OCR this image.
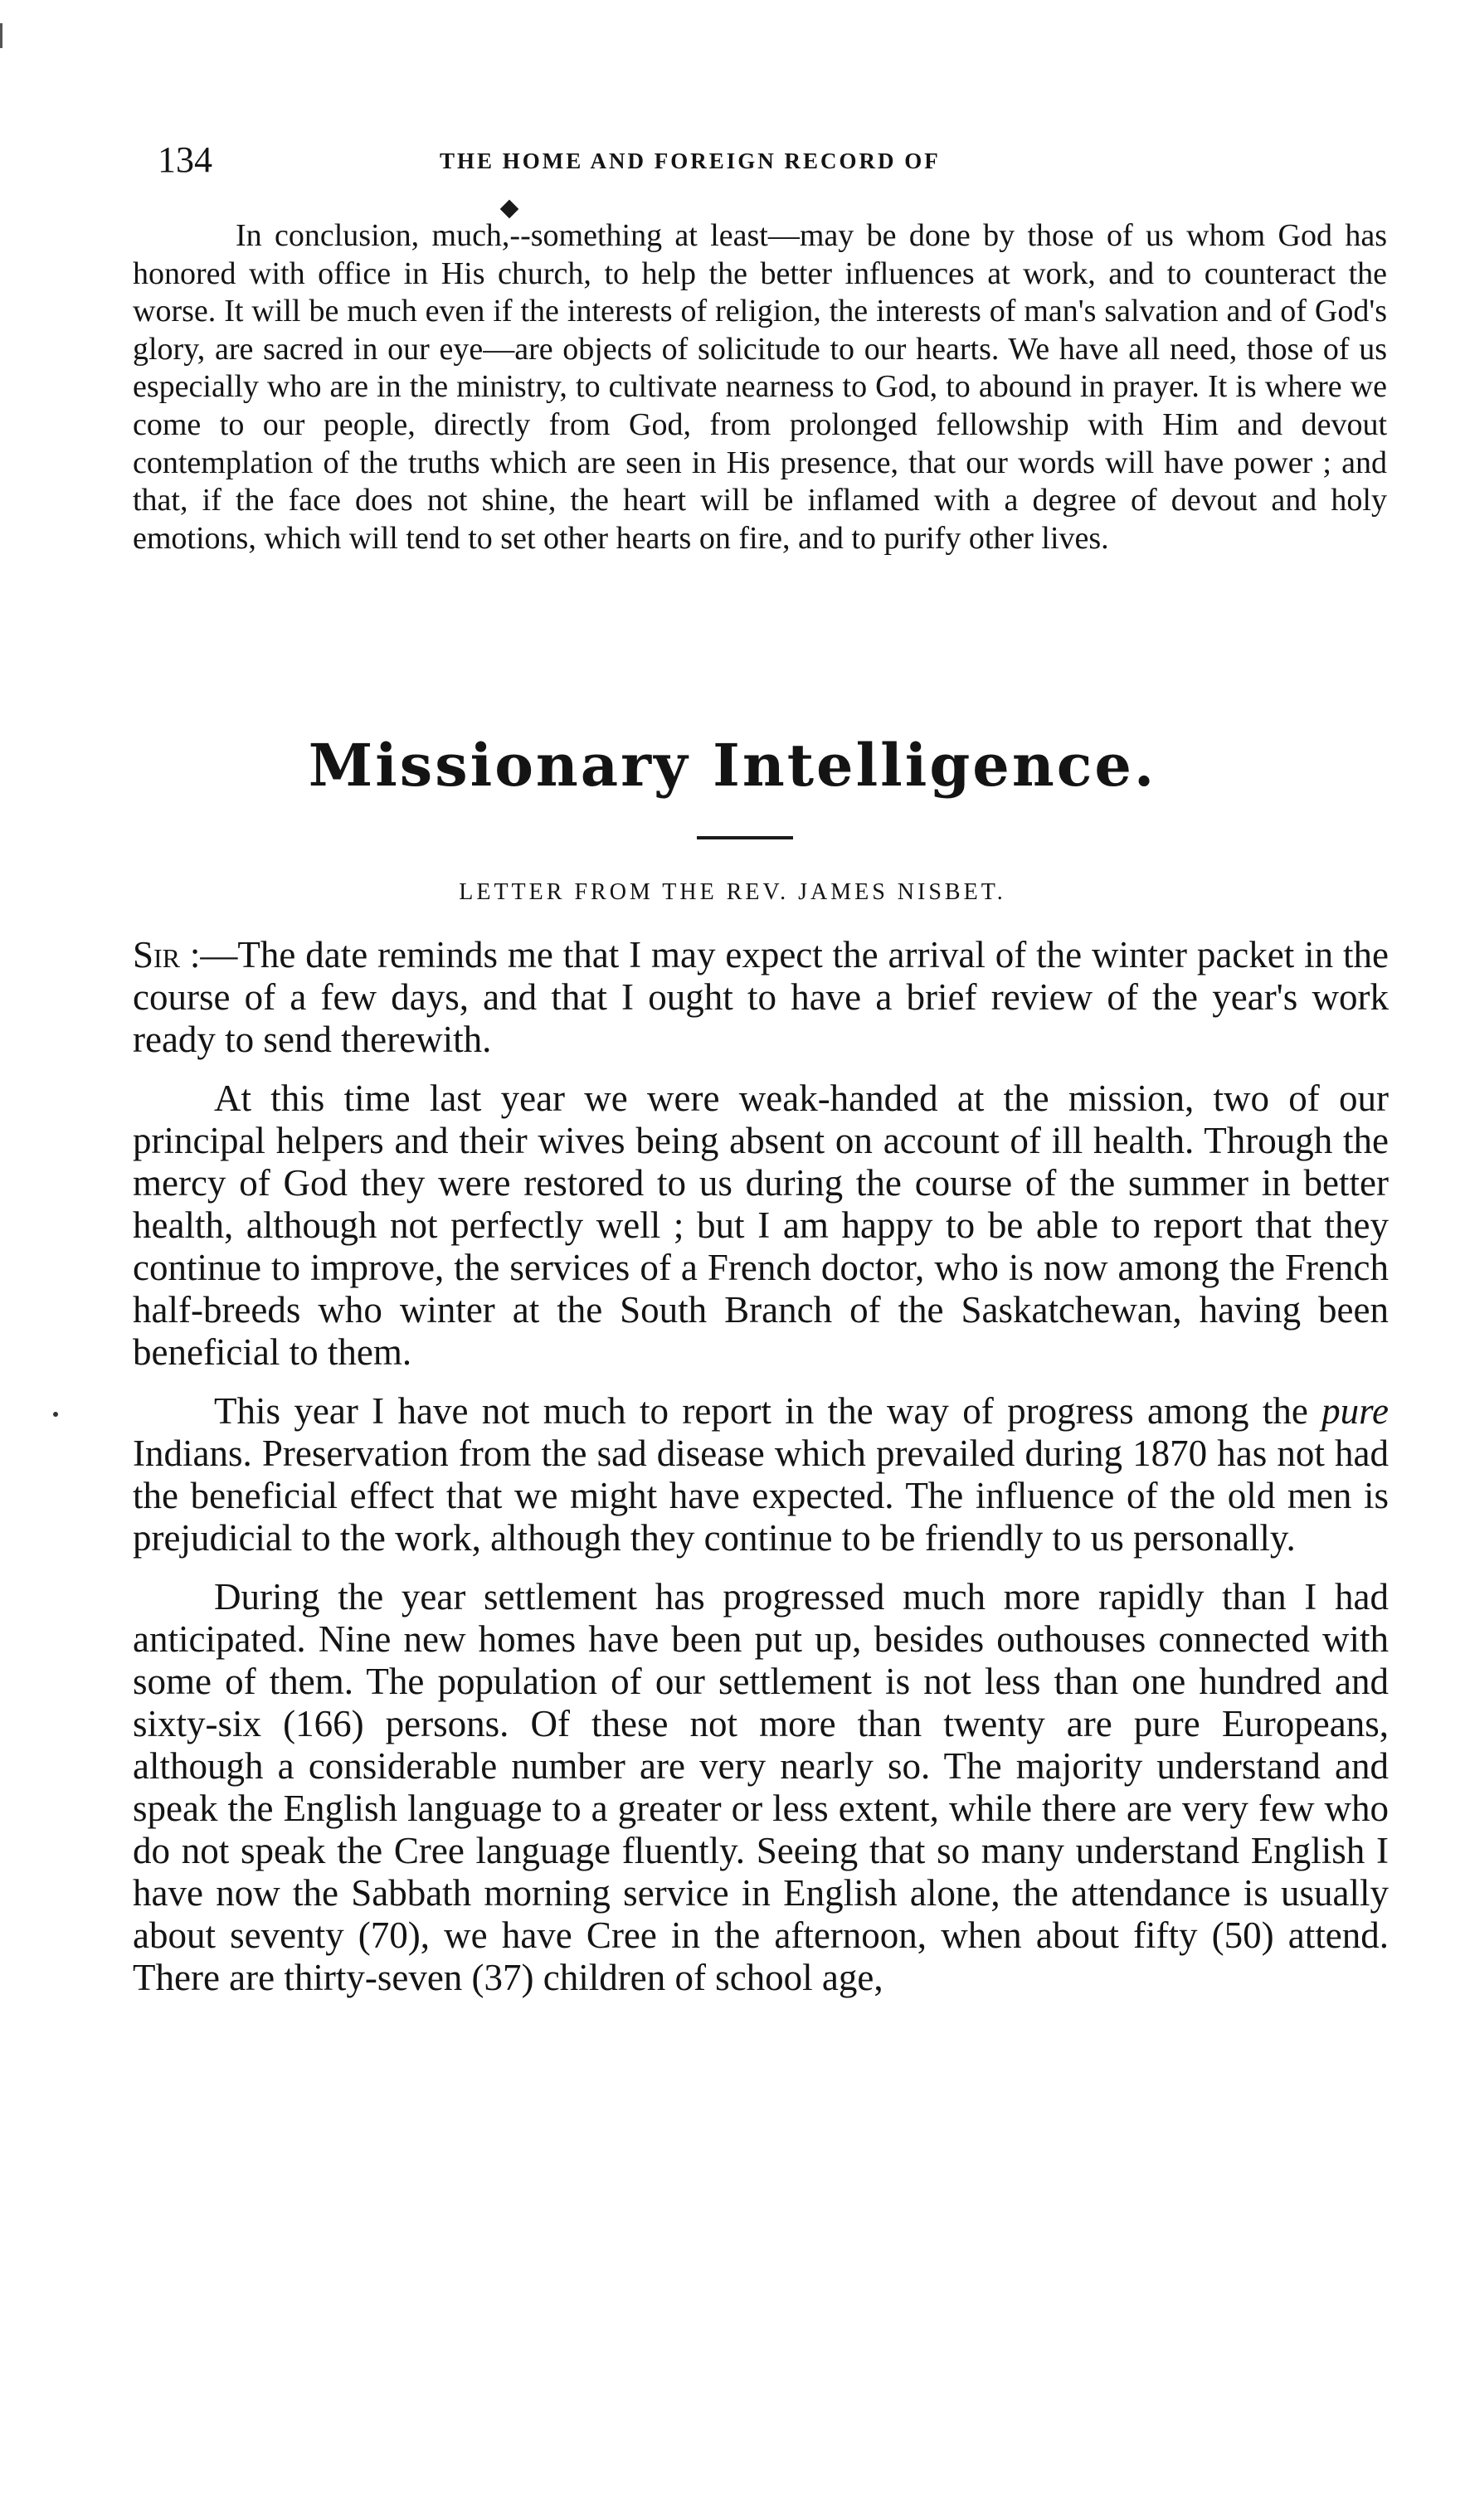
134	THE HOME AND FOREIGN RECORD OF

In conclusion, much,--something at least—may be done by those of us whom God has honored with office in His church, to help the better influences at work, and to counteract the worse. It will be much even if the interests of religion, the interests of man's salvation and of God's glory, are sacred in our eye—are objects of solicitude to our hearts. We have all need, those of us especially who are in the ministry, to cultivate nearness to God, to abound in prayer. It is where we come to our people, directly from God, from prolonged fellowship with Him and devout contemplation of the truths which are seen in His presence, that our words will have power ; and that, if the face does not shine, the heart will be inflamed with a degree of devout and holy emotions, which will tend to set other hearts on fire, and to purify other lives.

Missionary Intelligence.
LETTER FROM THE REV. JAMES NISBET.

Sir :—The date reminds me that I may expect the arrival of the winter packet in the course of a few days, and that I ought to have a brief review of the year's work ready to send therewith.

At this time last year we were weak-handed at the mission, two of our principal helpers and their wives being absent on account of ill health. Through the mercy of God they were restored to us during the course of the summer in better health, although not perfectly well ; but I am happy to be able to report that they continue to improve, the services of a French doctor, who is now among the French half-breeds who winter at the South Branch of the Saskatchewan, having been beneficial to them.

This year I have not much to report in the way of progress among the pure Indians. Preservation from the sad disease which prevailed during 1870 has not had the beneficial effect that we might have expected. The influence of the old men is prejudicial to the work, although they continue to be friendly to us personally.

During the year settlement has progressed much more rapidly than I had anticipated. Nine new homes have been put up, besides outhouses connected with some of them. The population of our settlement is not less than one hundred and sixty-six (166) persons. Of these not more than twenty are pure Europeans, although a considerable number are very nearly so. The majority understand and speak the English language to a greater or less extent, while there are very few who do not speak the Cree language fluently. Seeing that so many understand English I have now the Sabbath morning service in English alone, the attendance is usually about seventy (70), we have Cree in the afternoon, when about fifty (50) attend. There are thirty-seven (37) children of school age,
